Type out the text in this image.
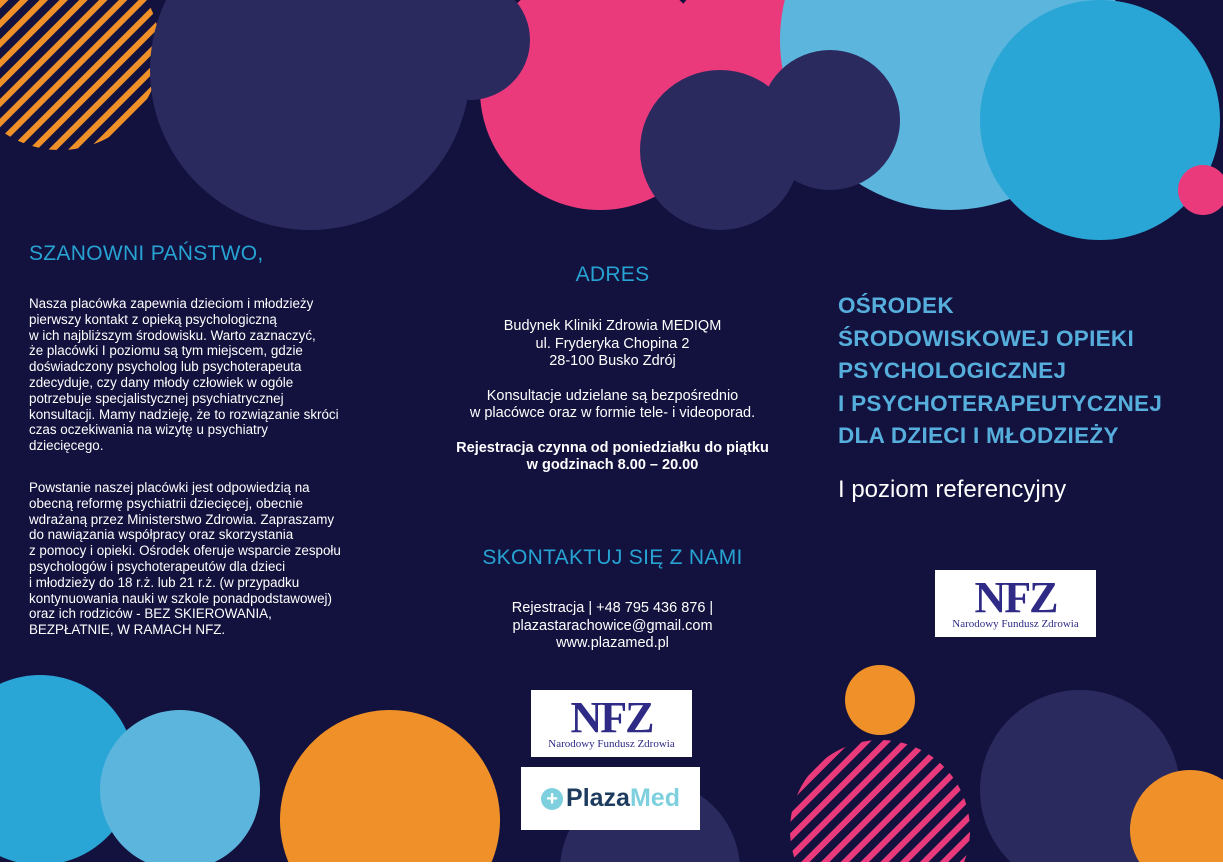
SZANOWNI PAŃSTWO,
Nasza placówka zapewnia dzieciom i młodzieży
pierwszy kontakt z opieką psychologiczną
w ich najbliższym środowisku. Warto zaznaczyć,
że placówki I poziomu są tym miejscem, gdzie
doświadczony psycholog lub psychoterapeuta
zdecyduje, czy dany młody człowiek w ogóle
potrzebuje specjalistycznej psychiatrycznej
konsultacji. Mamy nadzieję, że to rozwiązanie skróci
czas oczekiwania na wizytę u psychiatry
dziecięcego.
Powstanie naszej placówki jest odpowiedzią na
obecną reformę psychiatrii dziecięcej, obecnie
wdrażaną przez Ministerstwo Zdrowia. Zapraszamy
do nawiązania współpracy oraz skorzystania
z pomocy i opieki. Ośrodek oferuje wsparcie zespołu
psychologów i psychoterapeutów dla dzieci
i młodzieży do 18 r.ż. lub 21 r.ż. (w przypadku
kontynuowania nauki w szkole ponadpodstawowej)
oraz ich rodziców - BEZ SKIEROWANIA,
BEZPŁATNIE, W RAMACH NFZ.
ADRES
Budynek Kliniki Zdrowia MEDIQM
ul. Fryderyka Chopina 2
28-100 Busko Zdrój
Konsultacje udzielane są bezpośrednio
w placówce oraz w formie tele- i videoporad.
Rejestracja czynna od poniedziałku do piątku
w godzinach 8.00 – 20.00
SKONTAKTUJ SIĘ Z NAMI
Rejestracja | +48 795 436 876 |
plazastarachowice@gmail.com
www.plazamed.pl
NFZ
Narodowy Fundusz Zdrowia
+ Plaza Med
OŚRODEK
ŚRODOWISKOWEJ OPIEKI
PSYCHOLOGICZNEJ
I PSYCHOTERAPEUTYCZNEJ
DLA DZIECI I MŁODZIEŻY
I poziom referencyjny
NFZ
Narodowy Fundusz Zdrowia
